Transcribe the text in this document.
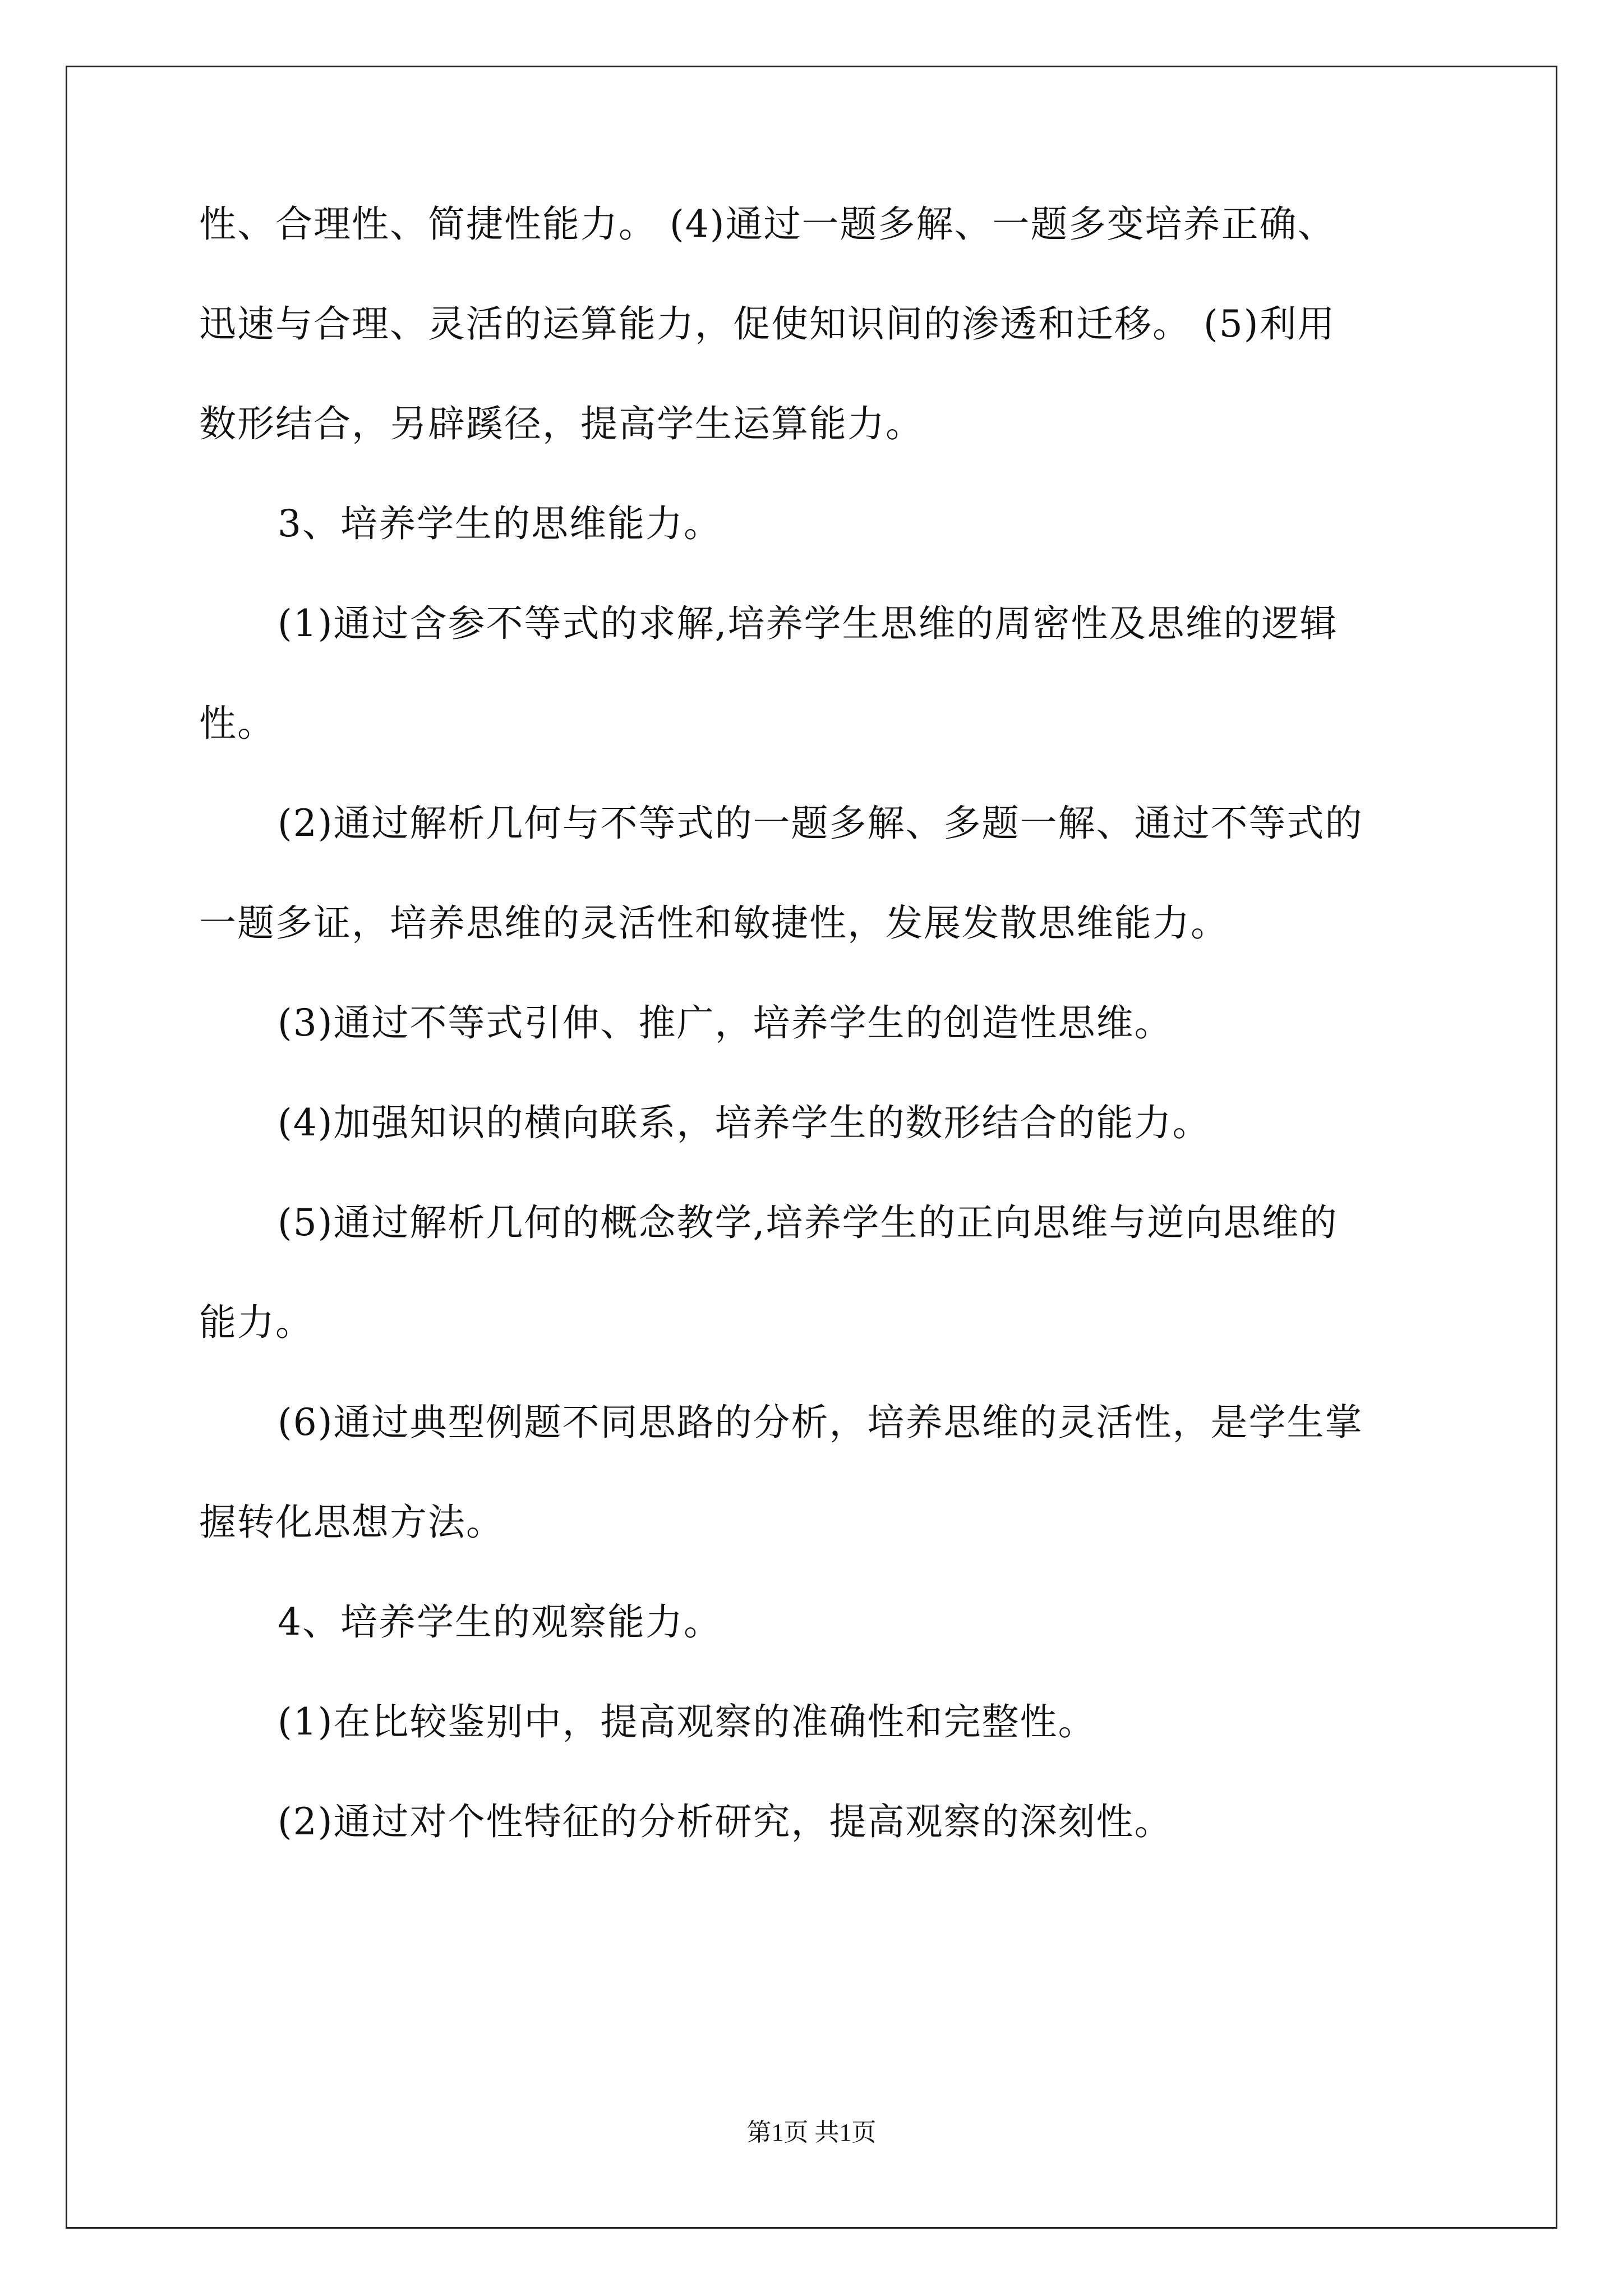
性、合理性、简捷性能力。 (4)通过一题多解、一题多变培养正确、
迅速与合理、灵活的运算能力，促使知识间的渗透和迁移。 (5)利用
数形结合，另辟蹊径，提高学生运算能力。
3、培养学生的思维能力。
(1)通过含参不等式的求解,培养学生思维的周密性及思维的逻辑
性。
(2)通过解析几何与不等式的一题多解、多题一解、通过不等式的
一题多证，培养思维的灵活性和敏捷性，发展发散思维能力。
(3)通过不等式引伸、推广，培养学生的创造性思维。
(4)加强知识的横向联系，培养学生的数形结合的能力。
(5)通过解析几何的概念教学,培养学生的正向思维与逆向思维的
能力。
(6)通过典型例题不同思路的分析，培养思维的灵活性，是学生掌
握转化思想方法。
4、培养学生的观察能力。
(1)在比较鉴别中，提高观察的准确性和完整性。
(2)通过对个性特征的分析研究，提高观察的深刻性。
第1页 共1页
